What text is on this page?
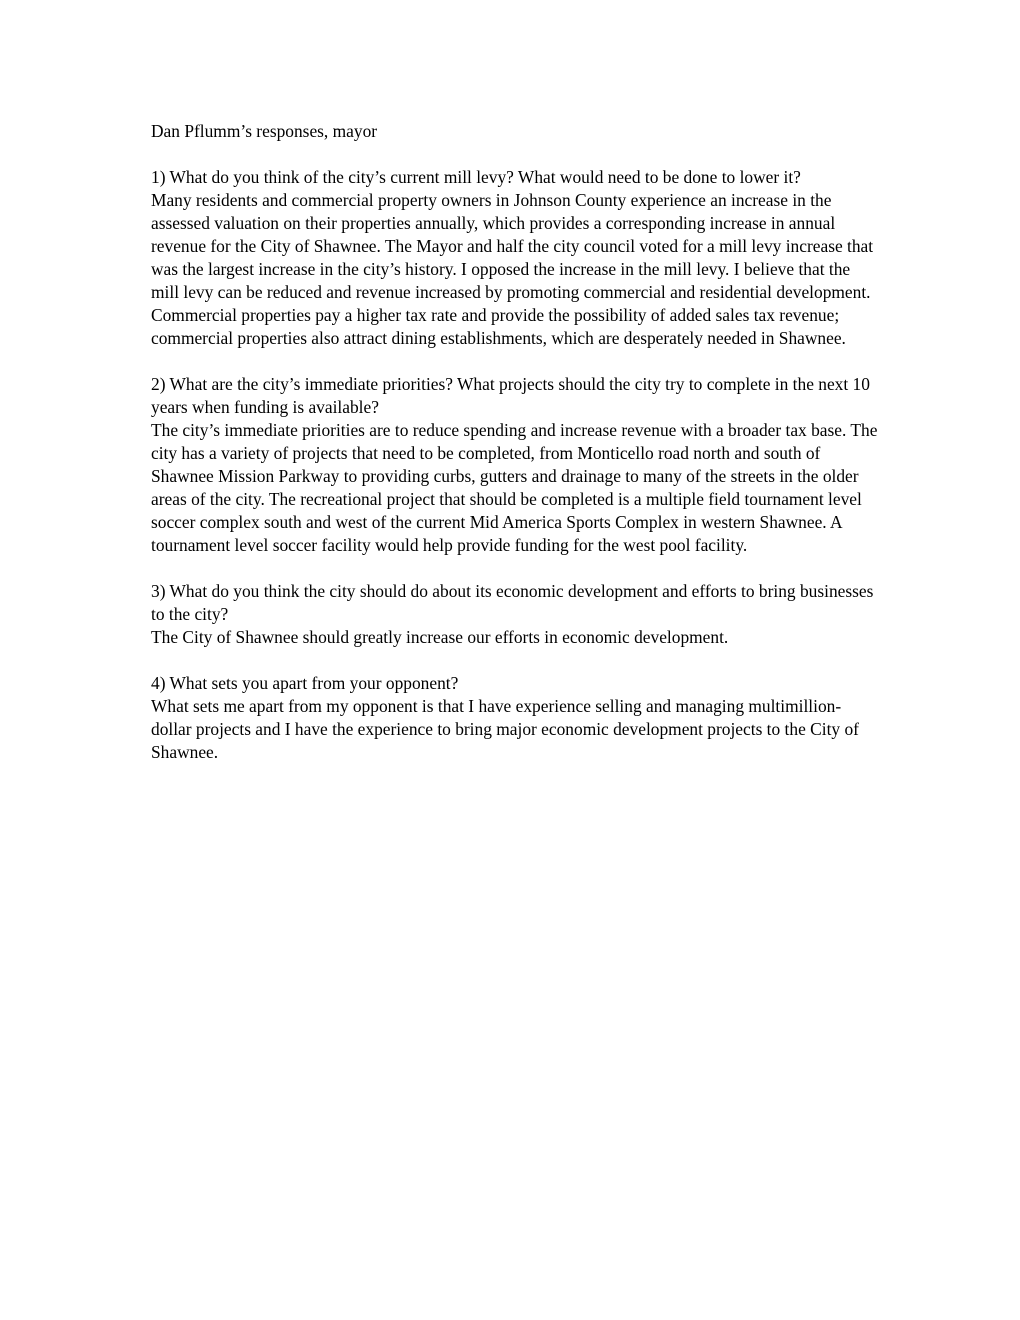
Dan Pflumm’s responses, mayor

1) What do you think of the city’s current mill levy? What would need to be done to lower it?

Many residents and commercial property owners in Johnson County experience an increase in the assessed valuation on their properties annually, which provides a corresponding increase in annual revenue for the City of Shawnee. The Mayor and half the city council voted for a mill levy increase that was the largest increase in the city’s history. I opposed the increase in the mill levy. I believe that the mill levy can be reduced and revenue increased by promoting commercial and residential development. Commercial properties pay a higher tax rate and provide the possibility of added sales tax revenue; commercial properties also attract dining establishments, which are desperately needed in Shawnee.

2) What are the city’s immediate priorities? What projects should the city try to complete in the next 10 years when funding is available?

The city’s immediate priorities are to reduce spending and increase revenue with a broader tax base. The city has a variety of projects that need to be completed, from Monticello road north and south of Shawnee Mission Parkway to providing curbs, gutters and drainage to many of the streets in the older areas of the city. The recreational project that should be completed is a multiple field tournament level soccer complex south and west of the current Mid America Sports Complex in western Shawnee. A tournament level soccer facility would help provide funding for the west pool facility.

3) What do you think the city should do about its economic development and efforts to bring businesses to the city?

The City of Shawnee should greatly increase our efforts in economic development.

4) What sets you apart from your opponent?

What sets me apart from my opponent is that I have experience selling and managing multimillion-dollar projects and I have the experience to bring major economic development projects to the City of Shawnee.
